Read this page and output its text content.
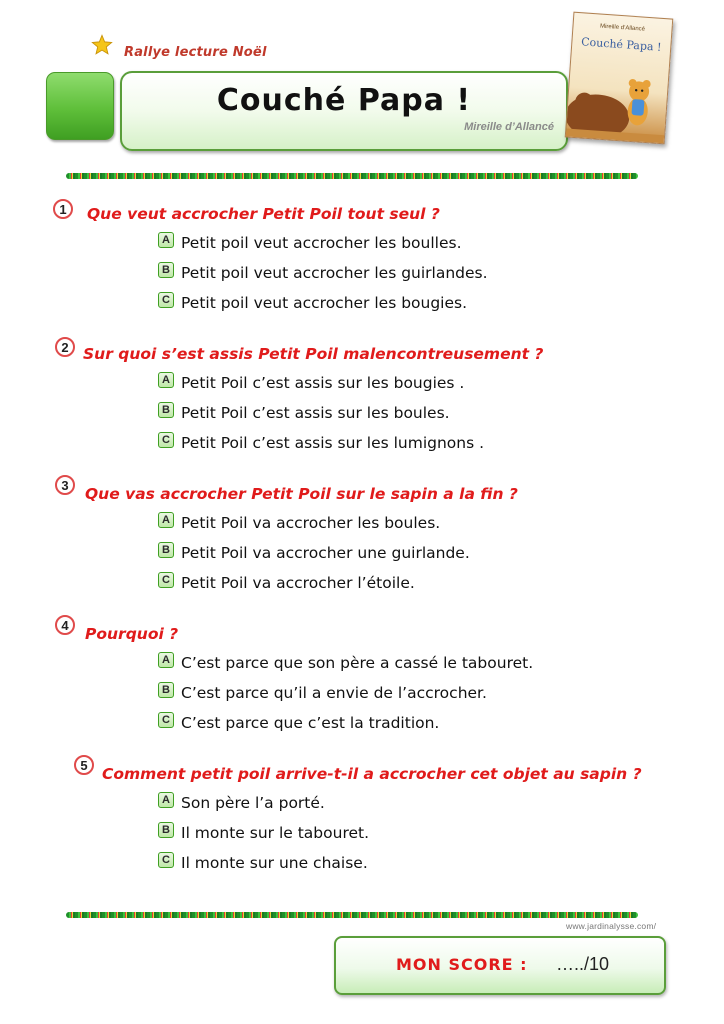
Rallye lecture Noël
Couché Papa !
Mireille d’Allancé
Mireille d’Allancé
Couché Papa !
1	Que veut accrocher Petit Poil tout seul ?
A Petit poil veut accrocher les boulles.
B Petit poil veut accrocher les guirlandes.
C Petit poil veut accrocher les bougies.
2 Sur quoi s’est assis Petit Poil malencontreusement ?
A Petit Poil c’est assis sur les bougies .
B Petit Poil c’est assis sur les boules.
C Petit Poil c’est assis sur les lumignons .
3	Que vas accrocher Petit Poil sur le sapin a la fin ?
A Petit Poil va accrocher les boules.
B Petit Poil va accrocher une guirlande.
C Petit Poil va accrocher l’étoile.
4	Pourquoi ?
A C’est parce que son père a cassé le tabouret.
B C’est parce qu’il a envie de l’accrocher.
C C’est parce que c’est la tradition.
5 Comment petit poil arrive-t-il a accrocher cet objet au sapin ?
A Son père l’a porté.
B Il monte sur le tabouret.
C Il monte sur une chaise.
www.jardinalysse.com/
MON SCORE : …../10
